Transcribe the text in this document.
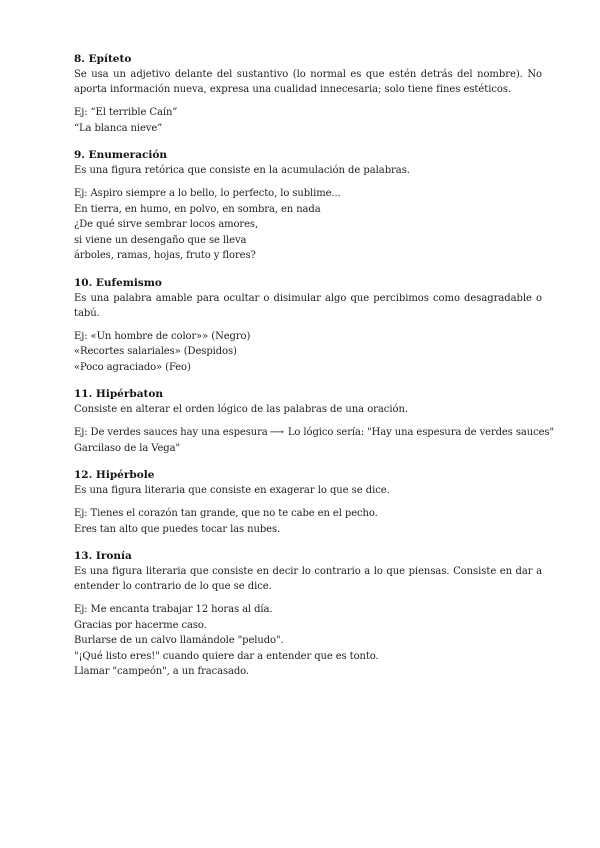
8. Epíteto

Se usa un adjetivo delante del sustantivo (lo normal es que estén detrás del nombre). No aporta información nueva, expresa una cualidad innecesaria; solo tiene fines estéticos.

Ej: “El terrible Caín”
“La blanca nieve”

9. Enumeración

Es una figura retórica que consiste en la acumulación de palabras.

Ej: Aspiro siempre a lo bello, lo perfecto, lo sublime...
En tierra, en humo, en polvo, en sombra, en nada
¿De qué sirve sembrar locos amores,
si viene un desengaño que se lleva
árboles, ramas, hojas, fruto y flores?

10. Eufemismo

Es una palabra amable para ocultar o disimular algo que percibimos como desagradable o tabú.

Ej: «Un hombre de color»» (Negro)
«Recortes salariales» (Despidos)
«Poco agraciado» (Feo)

11. Hipérbaton

Consiste en alterar el orden lógico de las palabras de una oración.

Ej: De verdes sauces hay una espesura ⟶ Lo lógico sería: "Hay una espesura de verdes sauces"
Garcilaso de la Vega"

12. Hipérbole

Es una figura literaria que consiste en exagerar lo que se dice.

Ej: Tienes el corazón tan grande, que no te cabe en el pecho.
Eres tan alto que puedes tocar las nubes.

13. Ironía

Es una figura literaria que consiste en decir lo contrario a lo que piensas. Consiste en dar a entender lo contrario de lo que se dice.

Ej: Me encanta trabajar 12 horas al día.
Gracias por hacerme caso.
Burlarse de un calvo llamándole "peludo".
"¡Qué listo eres!" cuando quiere dar a entender que es tonto.
Llamar "campeón", a un fracasado.
